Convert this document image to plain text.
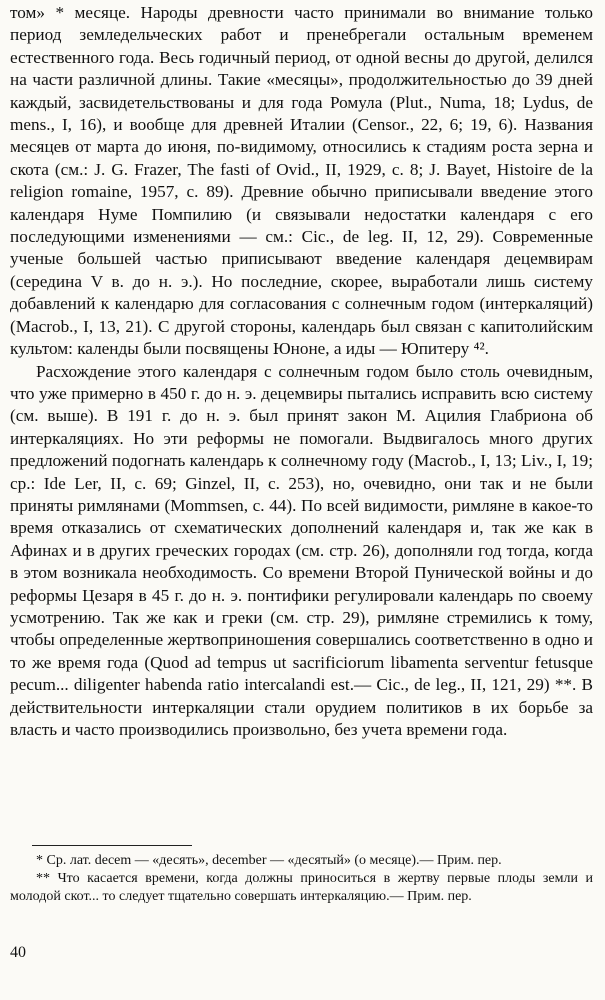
том» * месяце. Народы древности часто принимали во внимание только период земледельческих работ и пренебрегали остальным временем естественного года. Весь годичный период, от одной весны до другой, делился на части различной длины. Такие «месяцы», продолжительностью до 39 дней каждый, засвидетельствованы и для года Ромула (Plut., Numa, 18; Lydus, de mens., I, 16), и вообще для древней Италии (Censor., 22, 6; 19, 6). Названия месяцев от марта до июня, по-видимому, относились к стадиям роста зерна и скота (см.: J. G. Frazer, The fasti of Ovid., II, 1929, с. 8; J. Bayet, Histoire de la religion romaine, 1957, с. 89). Древние обычно приписывали введение этого календаря Нуме Помпилию (и связывали недостатки календаря с его последующими изменениями — см.: Cic., de leg. II, 12, 29). Современные ученые большей частью приписывают введение календаря децемвирам (середина V в. до н. э.). Но последние, скорее, выработали лишь систему добавлений к календарю для согласования с солнечным годом (интеркаляций) (Macrob., I, 13, 21). С другой стороны, календарь был связан с капитолийским культом: календы были посвящены Юноне, а иды — Юпитеру ⁴².

Расхождение этого календаря с солнечным годом было столь очевидным, что уже примерно в 450 г. до н. э. децемвиры пытались исправить всю систему (см. выше). В 191 г. до н. э. был принят закон М. Ацилия Глабриона об интеркаляциях. Но эти реформы не помогали. Выдвигалось много других предложений подогнать календарь к солнечному году (Macrob., I, 13; Liv., I, 19; ср.: Ide Ler, II, с. 69; Ginzel, II, с. 253), но, очевидно, они так и не были приняты римлянами (Mommsen, с. 44). По всей видимости, римляне в какое-то время отказались от схематических дополнений календаря и, так же как в Афинах и в других греческих городах (см. стр. 26), дополняли год тогда, когда в этом возникала необходимость. Со времени Второй Пунической войны и до реформы Цезаря в 45 г. до н. э. понтифики регулировали календарь по своему усмотрению. Так же как и греки (см. стр. 29), римляне стремились к тому, чтобы определенные жертвоприношения совершались соответственно в одно и то же время года (Quod ad tempus ut sacrificiorum libamenta serventur fetusque pecum... diligenter habenda ratio intercalandi est.— Cic., de leg., II, 121, 29) **. В действительности интеркаляции стали орудием политиков в их борьбе за власть и часто производились произвольно, без учета времени года.

* Ср. лат. decem — «десять», december — «десятый» (о месяце).— Прим. пер.

** Что касается времени, когда должны приноситься в жертву первые плоды земли и молодой скот... то следует тщательно совершать интеркаляцию.— Прим. пер.

40
